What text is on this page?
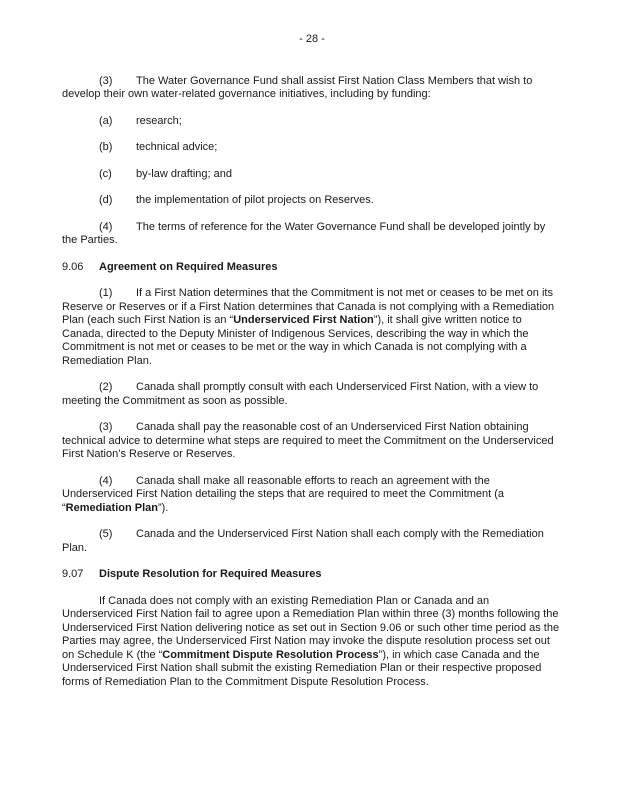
- 28 -

(3) The Water Governance Fund shall assist First Nation Class Members that wish to develop their own water-related governance initiatives, including by funding:

(a) research;

(b) technical advice;

(c) by-law drafting; and

(d) the implementation of pilot projects on Reserves.

(4) The terms of reference for the Water Governance Fund shall be developed jointly by the Parties.

9.06 Agreement on Required Measures

(1) If a First Nation determines that the Commitment is not met or ceases to be met on its Reserve or Reserves or if a First Nation determines that Canada is not complying with a Remediation Plan (each such First Nation is an “Underserviced First Nation”), it shall give written notice to Canada, directed to the Deputy Minister of Indigenous Services, describing the way in which the Commitment is not met or ceases to be met or the way in which Canada is not complying with a Remediation Plan.

(2) Canada shall promptly consult with each Underserviced First Nation, with a view to meeting the Commitment as soon as possible.

(3) Canada shall pay the reasonable cost of an Underserviced First Nation obtaining technical advice to determine what steps are required to meet the Commitment on the Underserviced First Nation’s Reserve or Reserves.

(4) Canada shall make all reasonable efforts to reach an agreement with the Underserviced First Nation detailing the steps that are required to meet the Commitment (a “Remediation Plan”).

(5) Canada and the Underserviced First Nation shall each comply with the Remediation Plan.

9.07 Dispute Resolution for Required Measures

If Canada does not comply with an existing Remediation Plan or Canada and an Underserviced First Nation fail to agree upon a Remediation Plan within three (3) months following the Underserviced First Nation delivering notice as set out in Section 9.06 or such other time period as the Parties may agree, the Underserviced First Nation may invoke the dispute resolution process set out on Schedule K (the “Commitment Dispute Resolution Process”), in which case Canada and the Underserviced First Nation shall submit the existing Remediation Plan or their respective proposed forms of Remediation Plan to the Commitment Dispute Resolution Process.
